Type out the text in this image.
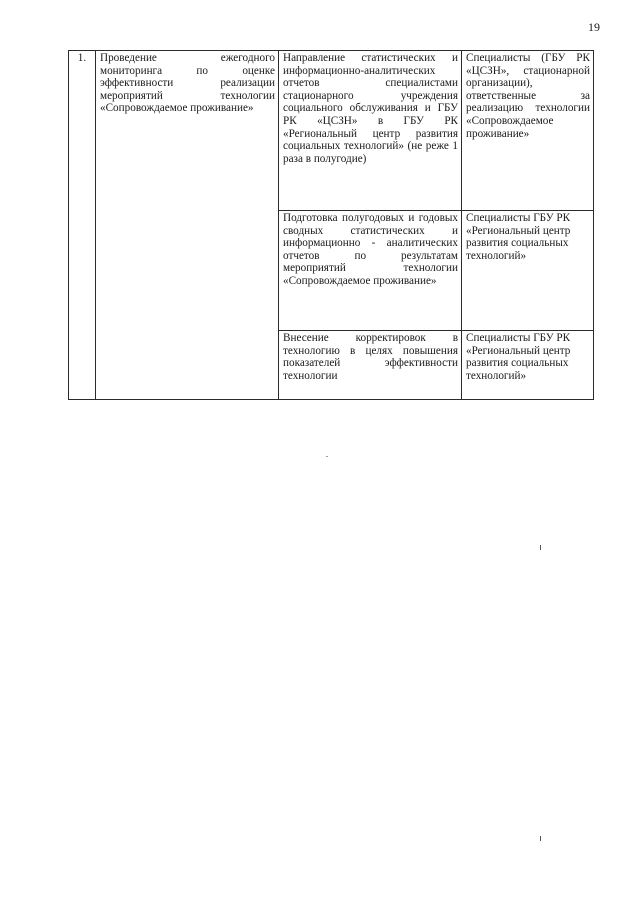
19
1.	Проведение ежегодного мониторинга по оценке эффективности реализации мероприятий технологии «Сопровождаемое проживание»	Направление статистических и информационно-аналитических отчетов специалистами стационарного учреждения социального обслуживания и ГБУ РК «ЦСЗН» в ГБУ РК «Региональный центр развития социальных технологий» (не реже 1 раза в полугодие)	Специалисты (ГБУ РК «ЦСЗН», стационарной организации), ответственные за реализацию технологии «Сопровождаемое проживание»
		Подготовка полугодовых и годовых сводных статистических и информационно - аналитических отчетов по результатам мероприятий технологии «Сопровождаемое проживание»	Специалисты ГБУ РК «Региональный центр развития социальных технологий»
		Внесение корректировок в технологию в целях повышения показателей эффективности технологии	Специалисты ГБУ РК «Региональный центр развития социальных технологий»
